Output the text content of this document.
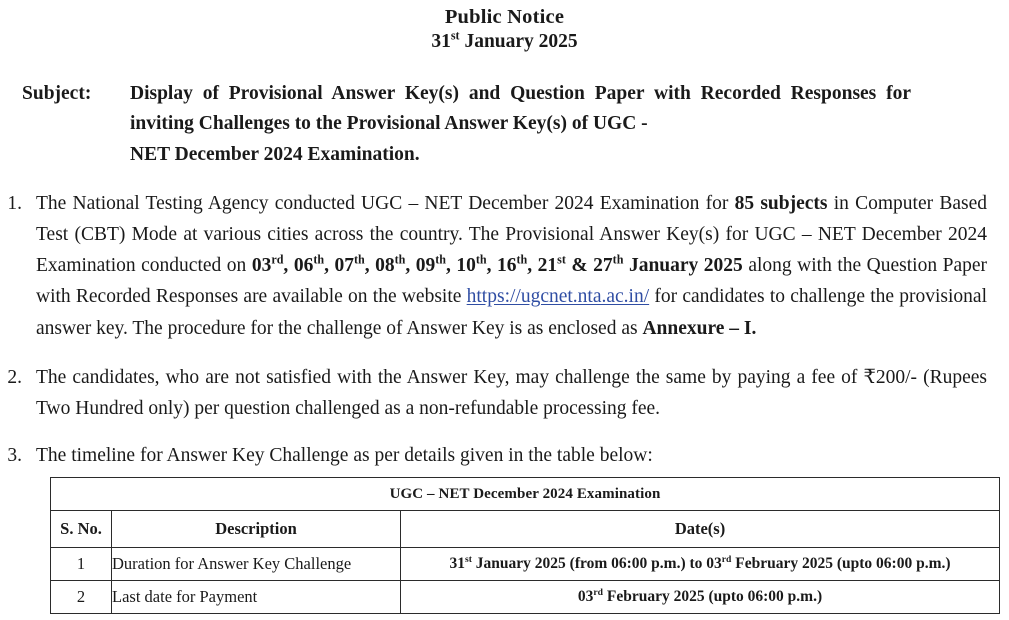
Public Notice
31st January 2025
Subject:	Display of Provisional Answer Key(s) and Question Paper with Recorded Responses for inviting Challenges to the Provisional Answer Key(s) of UGC -
NET December 2024 Examination.
1. The National Testing Agency conducted UGC – NET December 2024 Examination for 85 subjects in Computer Based Test (CBT) Mode at various cities across the country. The Provisional Answer Key(s) for UGC – NET December 2024 Examination conducted on 03rd, 06th, 07th, 08th, 09th, 10th, 16th, 21st & 27th January 2025 along with the Question Paper with Recorded Responses are available on the website https://ugcnet.nta.ac.in/ for candidates to challenge the provisional answer key. The procedure for the challenge of Answer Key is as enclosed as Annexure – I.
2. The candidates, who are not satisfied with the Answer Key, may challenge the same by paying a fee of ₹200/- (Rupees Two Hundred only) per question challenged as a non-refundable processing fee.
3. The timeline for Answer Key Challenge as per details given in the table below:
UGC – NET December 2024 Examination		
S. No.	Description	Date(s)
1	Duration for Answer Key Challenge	31st January 2025 (from 06:00 p.m.) to 03rd February 2025 (upto 06:00 p.m.)
2	Last date for Payment	03rd February 2025 (upto 06:00 p.m.)
